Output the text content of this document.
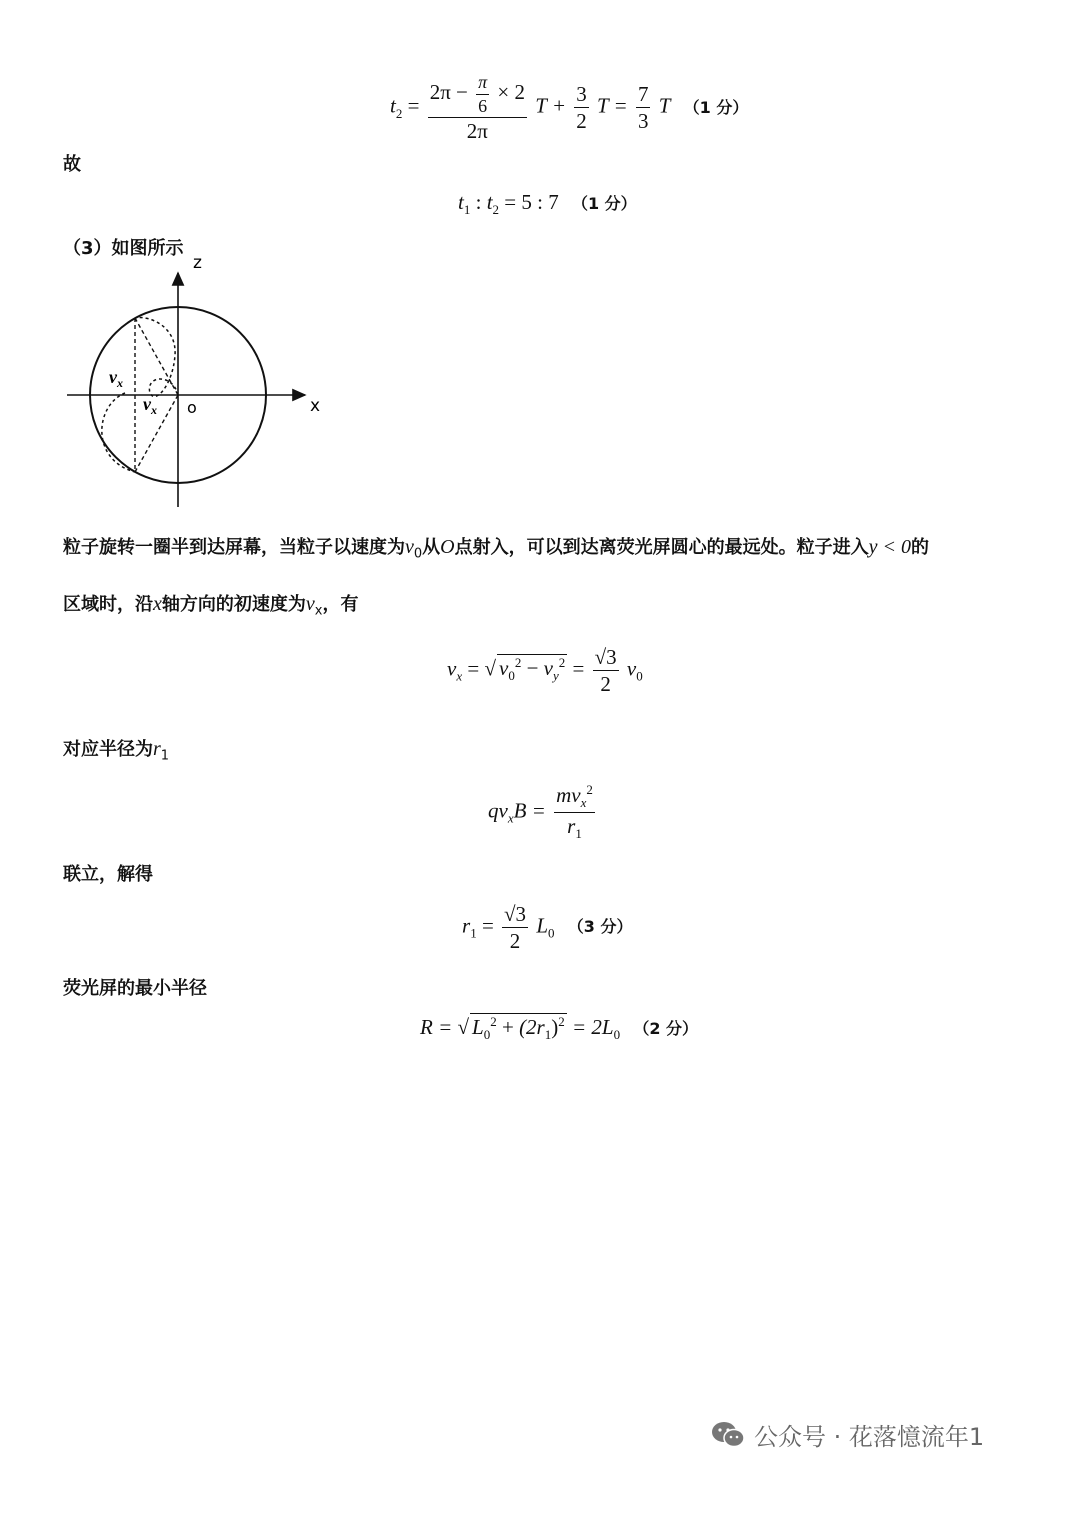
$t_2 = \frac{2\pi - \frac{\pi}{6} \times 2}{2\pi}$ $T + \frac{3}{2}$ $T = \frac{7}{3}$ T （1 分）
故
$t_1$ : $t_2 = 5$ : 7 （1 分）
（3）如图所示
z
x
o
$v_x$
$v_x$
粒子旋转一圈半到达屏幕，当粒子以速度为$v_0$从O点射入，可以到达离荧光屏圆心的最远处。粒子进入y < 0的
区域时，沿x轴方向的初速度为$v_x$，有
$v_x$ = √ $v_0^2 - v_y^2 = \frac{√3}{2} v_0$
对应半径为$r_1$
$qv_xB = \frac{mv_x^2}{r_1}$
联立，解得
$r_1 = \frac{√3}{2} L_0$ （3 分）
荧光屏的最小半径
R = √ $L_0^2 + (2r_1)^2 = 2L_0$ （2 分）
公众号 · 花落憶流年1
